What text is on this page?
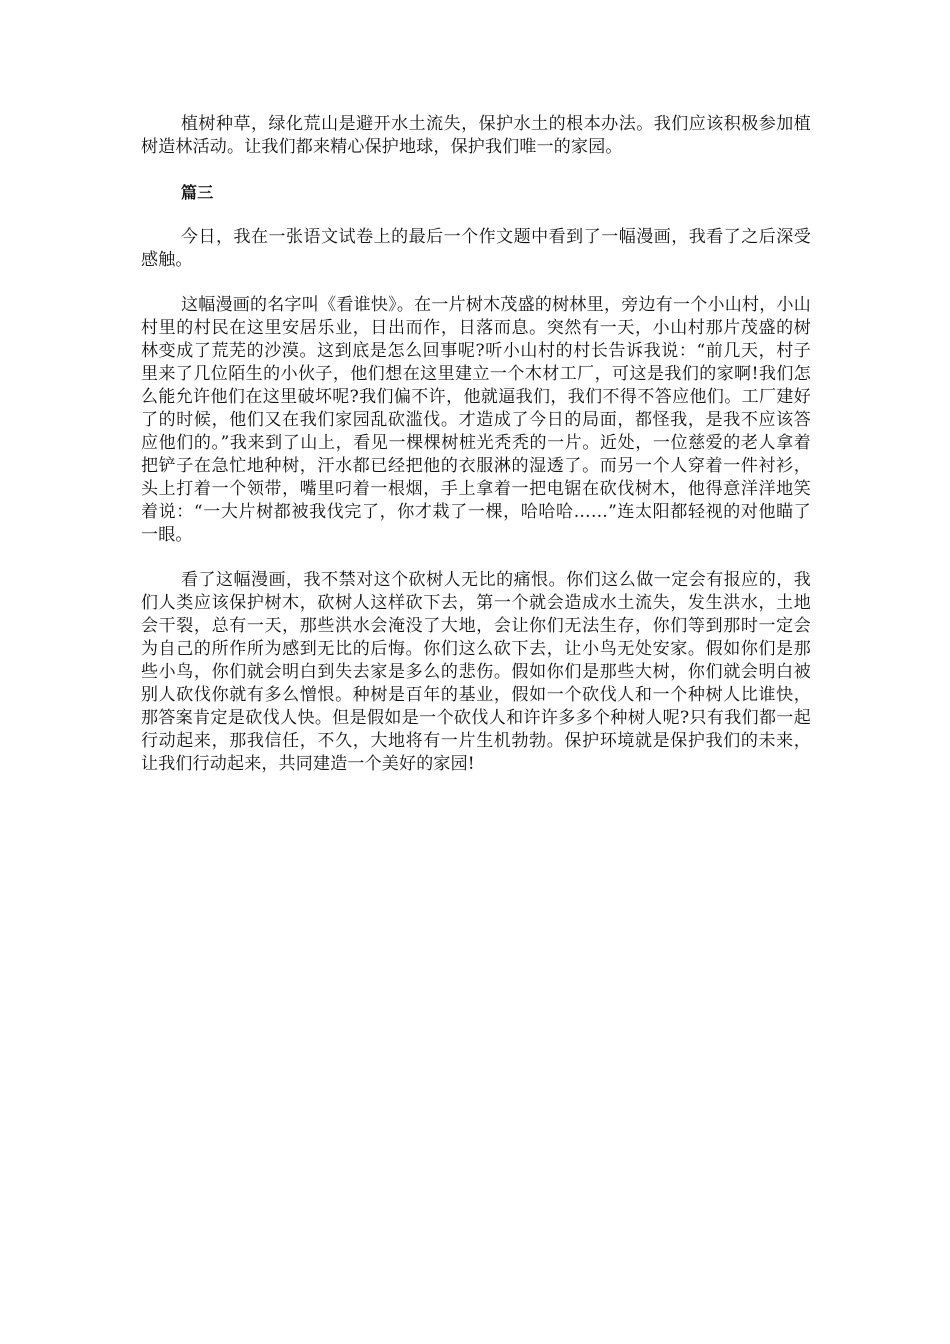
植树种草，绿化荒山是避开水土流失，保护水土的根本办法。我们应该积极参加植树造林活动。让我们都来精心保护地球，保护我们唯一的家园。

篇三

今日，我在一张语文试卷上的最后一个作文题中看到了一幅漫画，我看了之后深受感触。

这幅漫画的名字叫《看谁快》。在一片树木茂盛的树林里，旁边有一个小山村，小山村里的村民在这里安居乐业，日出而作，日落而息。突然有一天，小山村那片茂盛的树林变成了荒芜的沙漠。这到底是怎么回事呢?听小山村的村长告诉我说：“前几天，村子里来了几位陌生的小伙子，他们想在这里建立一个木材工厂，可这是我们的家啊!我们怎么能允许他们在这里破坏呢?我们偏不许，他就逼我们，我们不得不答应他们。工厂建好了的时候，他们又在我们家园乱砍滥伐。才造成了今日的局面，都怪我，是我不应该答应他们的。”我来到了山上，看见一棵棵树桩光秃秃的一片。近处，一位慈爱的老人拿着把铲子在急忙地种树，汗水都已经把他的衣服淋的湿透了。而另一个人穿着一件衬衫，头上打着一个领带，嘴里叼着一根烟，手上拿着一把电锯在砍伐树木，他得意洋洋地笑着说：“一大片树都被我伐完了，你才栽了一棵，哈哈哈……”连太阳都轻视的对他瞄了一眼。

看了这幅漫画，我不禁对这个砍树人无比的痛恨。你们这么做一定会有报应的，我们人类应该保护树木，砍树人这样砍下去，第一个就会造成水土流失，发生洪水，土地会干裂，总有一天，那些洪水会淹没了大地，会让你们无法生存，你们等到那时一定会为自己的所作所为感到无比的后悔。你们这么砍下去，让小鸟无处安家。假如你们是那些小鸟，你们就会明白到失去家是多么的悲伤。假如你们是那些大树，你们就会明白被别人砍伐你就有多么憎恨。种树是百年的基业，假如一个砍伐人和一个种树人比谁快，那答案肯定是砍伐人快。但是假如是一个砍伐人和许许多多个种树人呢?只有我们都一起行动起来，那我信任，不久，大地将有一片生机勃勃。保护环境就是保护我们的未来，让我们行动起来，共同建造一个美好的家园!
